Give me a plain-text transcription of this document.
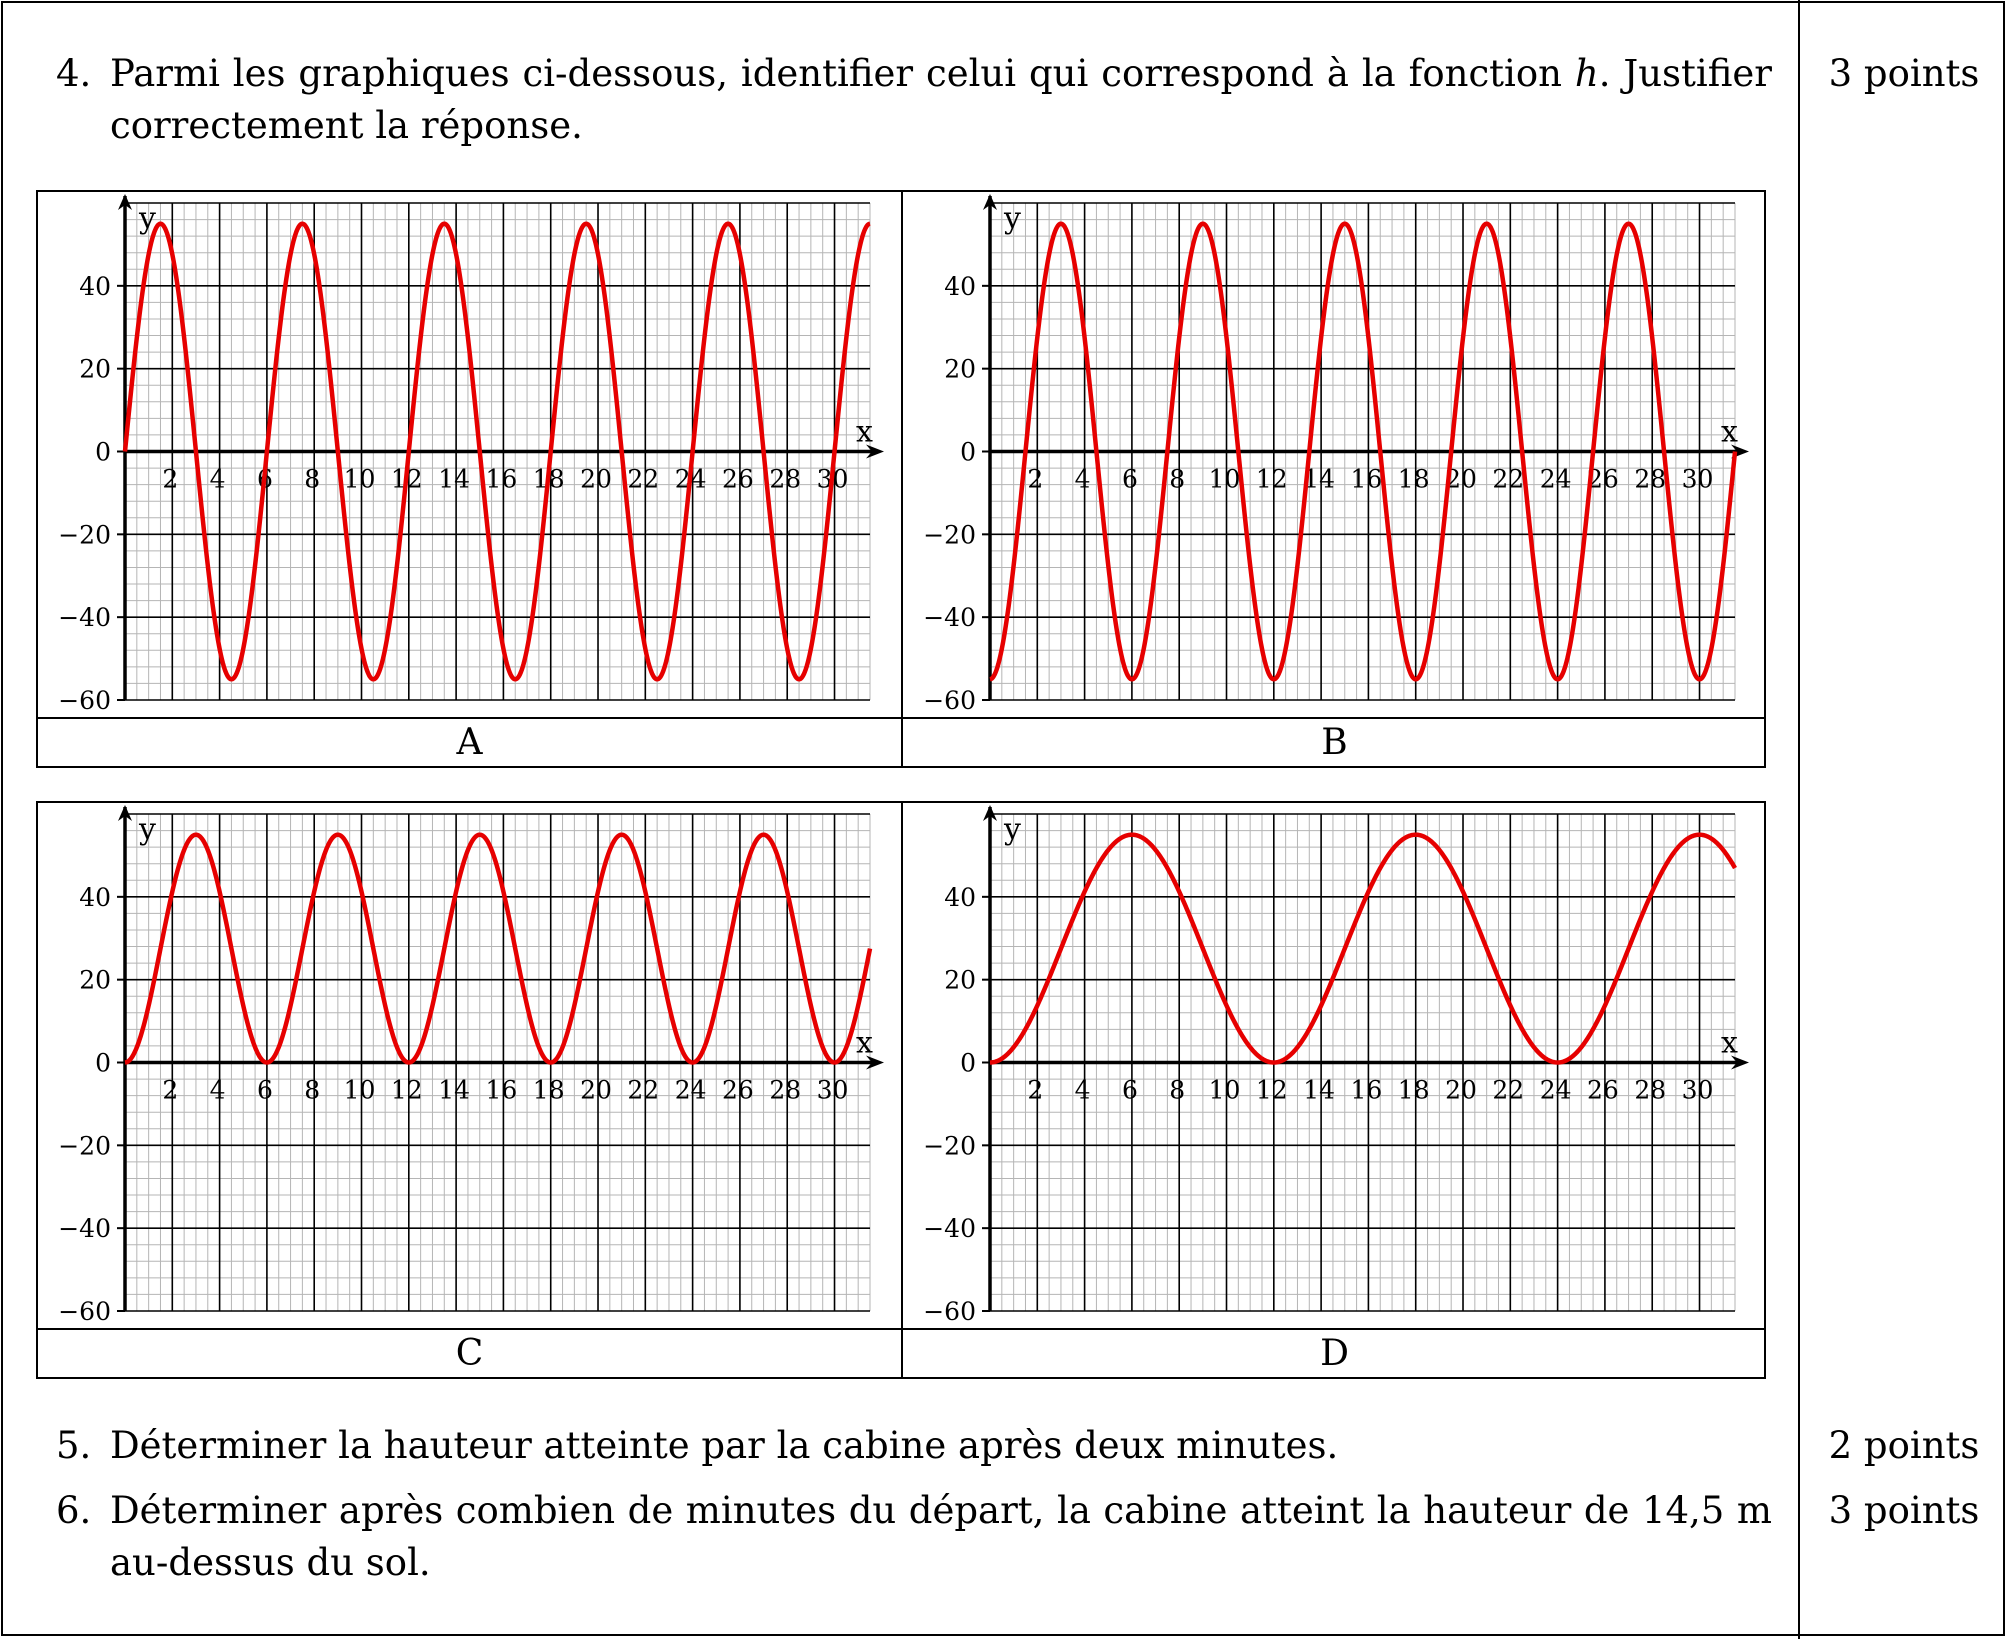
4. Parmi les graphiques ci-dessous, identifier celui qui correspond à la fonction h. Justifier
correctement la réponse.
3 points
2 4 6 8 10 12 14 16 18 20 22 24 26 28 30
40
20
0
−20
−40
−60
x
y
2 4 6 8 10 12 14 16 18 20 22 24 26 28 30
40
20
0
−20
−40
−60
x
y
A	B
2 4 6 8 10 12 14 16 18 20 22 24 26 28 30
40
20
0
−20
−40
−60
x
y
2 4 6 8 10 12 14 16 18 20 22 24 26 28 30
40
20
0
−20
−40
−60
x
y
C	D
5. Déterminer la hauteur atteinte par la cabine après deux minutes.	2 points
6. Déterminer après combien de minutes du départ, la cabine atteint la hauteur de 14,5 m
au-dessus du sol.
3 points
